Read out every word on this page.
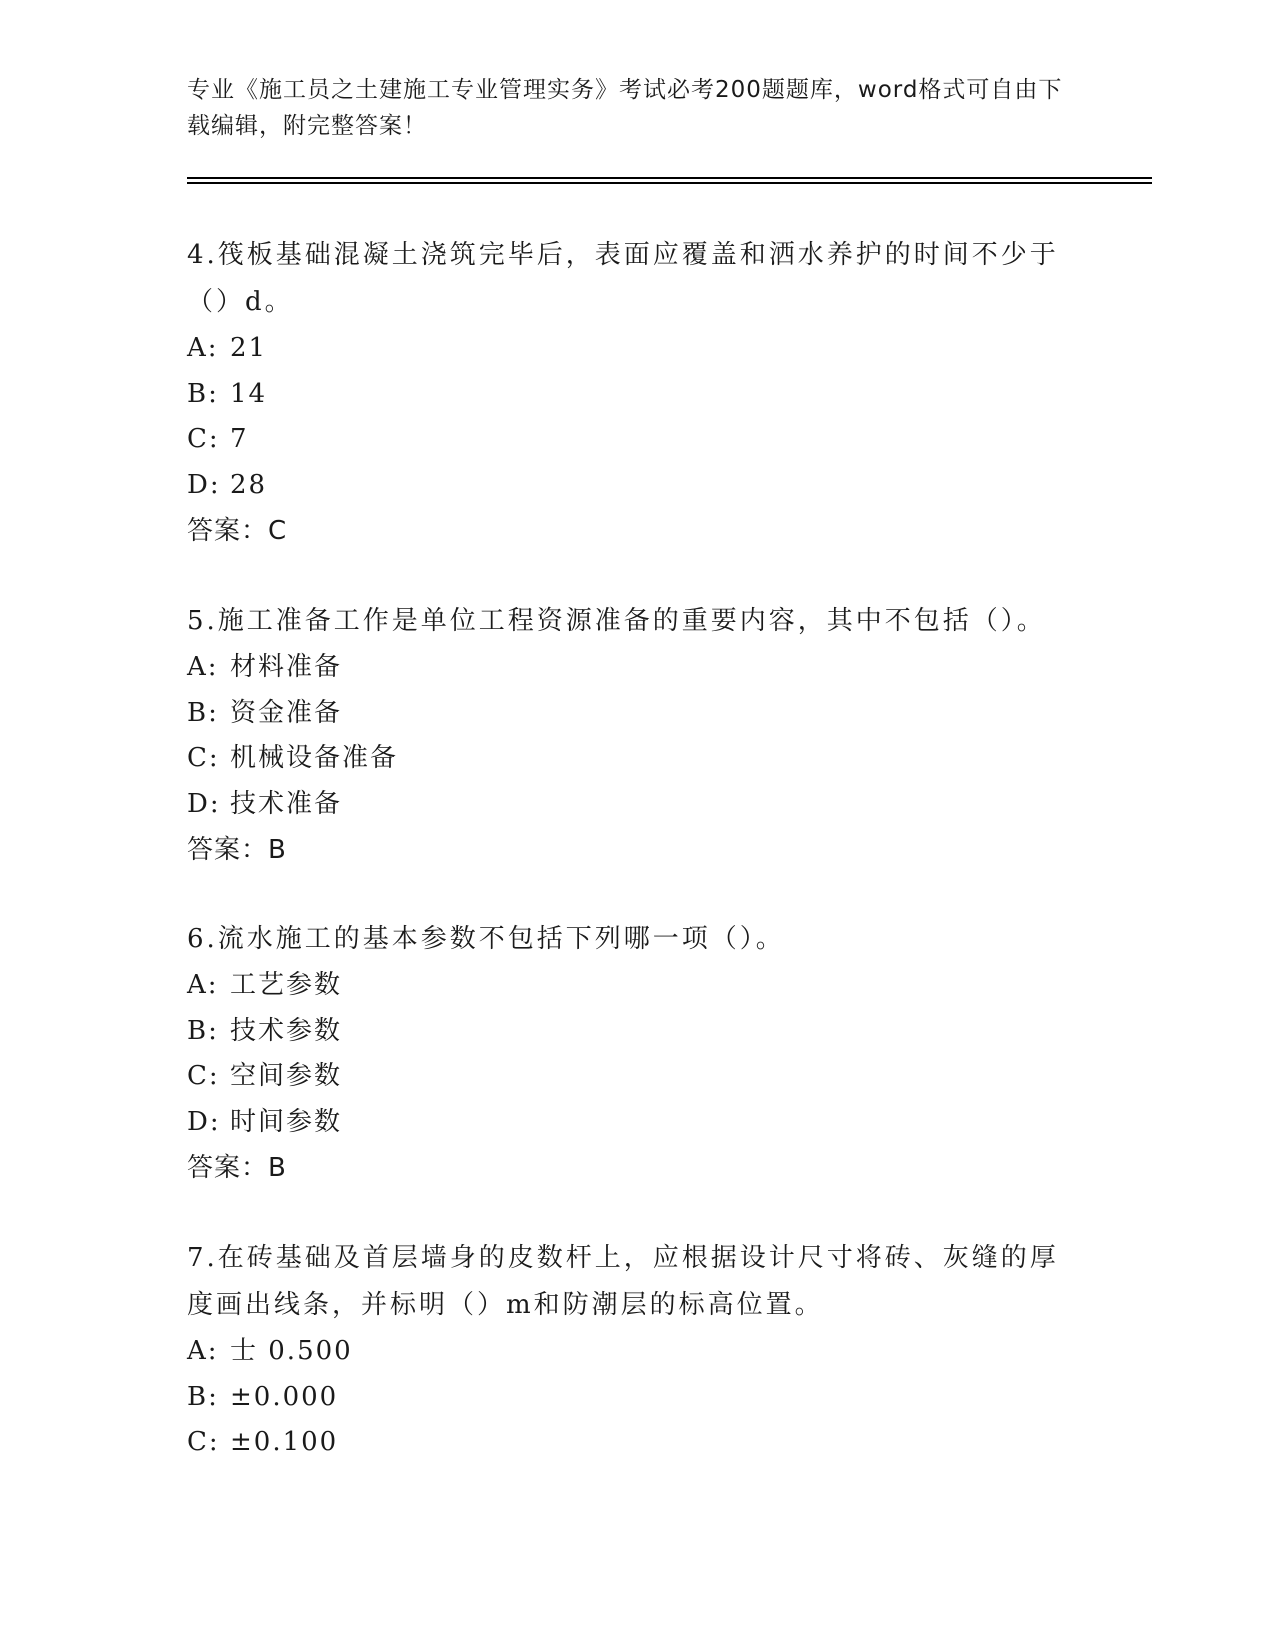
专业《施工员之土建施工专业管理实务》考试必考200题题库，word格式可自由下载编辑，附完整答案！

4.筏板基础混凝土浇筑完毕后，表面应覆盖和洒水养护的时间不少于（）d。

A: 21
B: 14
C: 7
D: 28
答案：C

5.施工准备工作是单位工程资源准备的重要内容，其中不包括（）。

A: 材料准备
B: 资金准备
C: 机械设备准备
D: 技术准备
答案：B

6.流水施工的基本参数不包括下列哪一项（）。

A: 工艺参数
B: 技术参数
C: 空间参数
D: 时间参数
答案：B

7.在砖基础及首层墙身的皮数杆上，应根据设计尺寸将砖、灰缝的厚度画出线条，并标明（）m和防潮层的标高位置。

A: 士 0.500
B: ±0.000
C: ±0.100
